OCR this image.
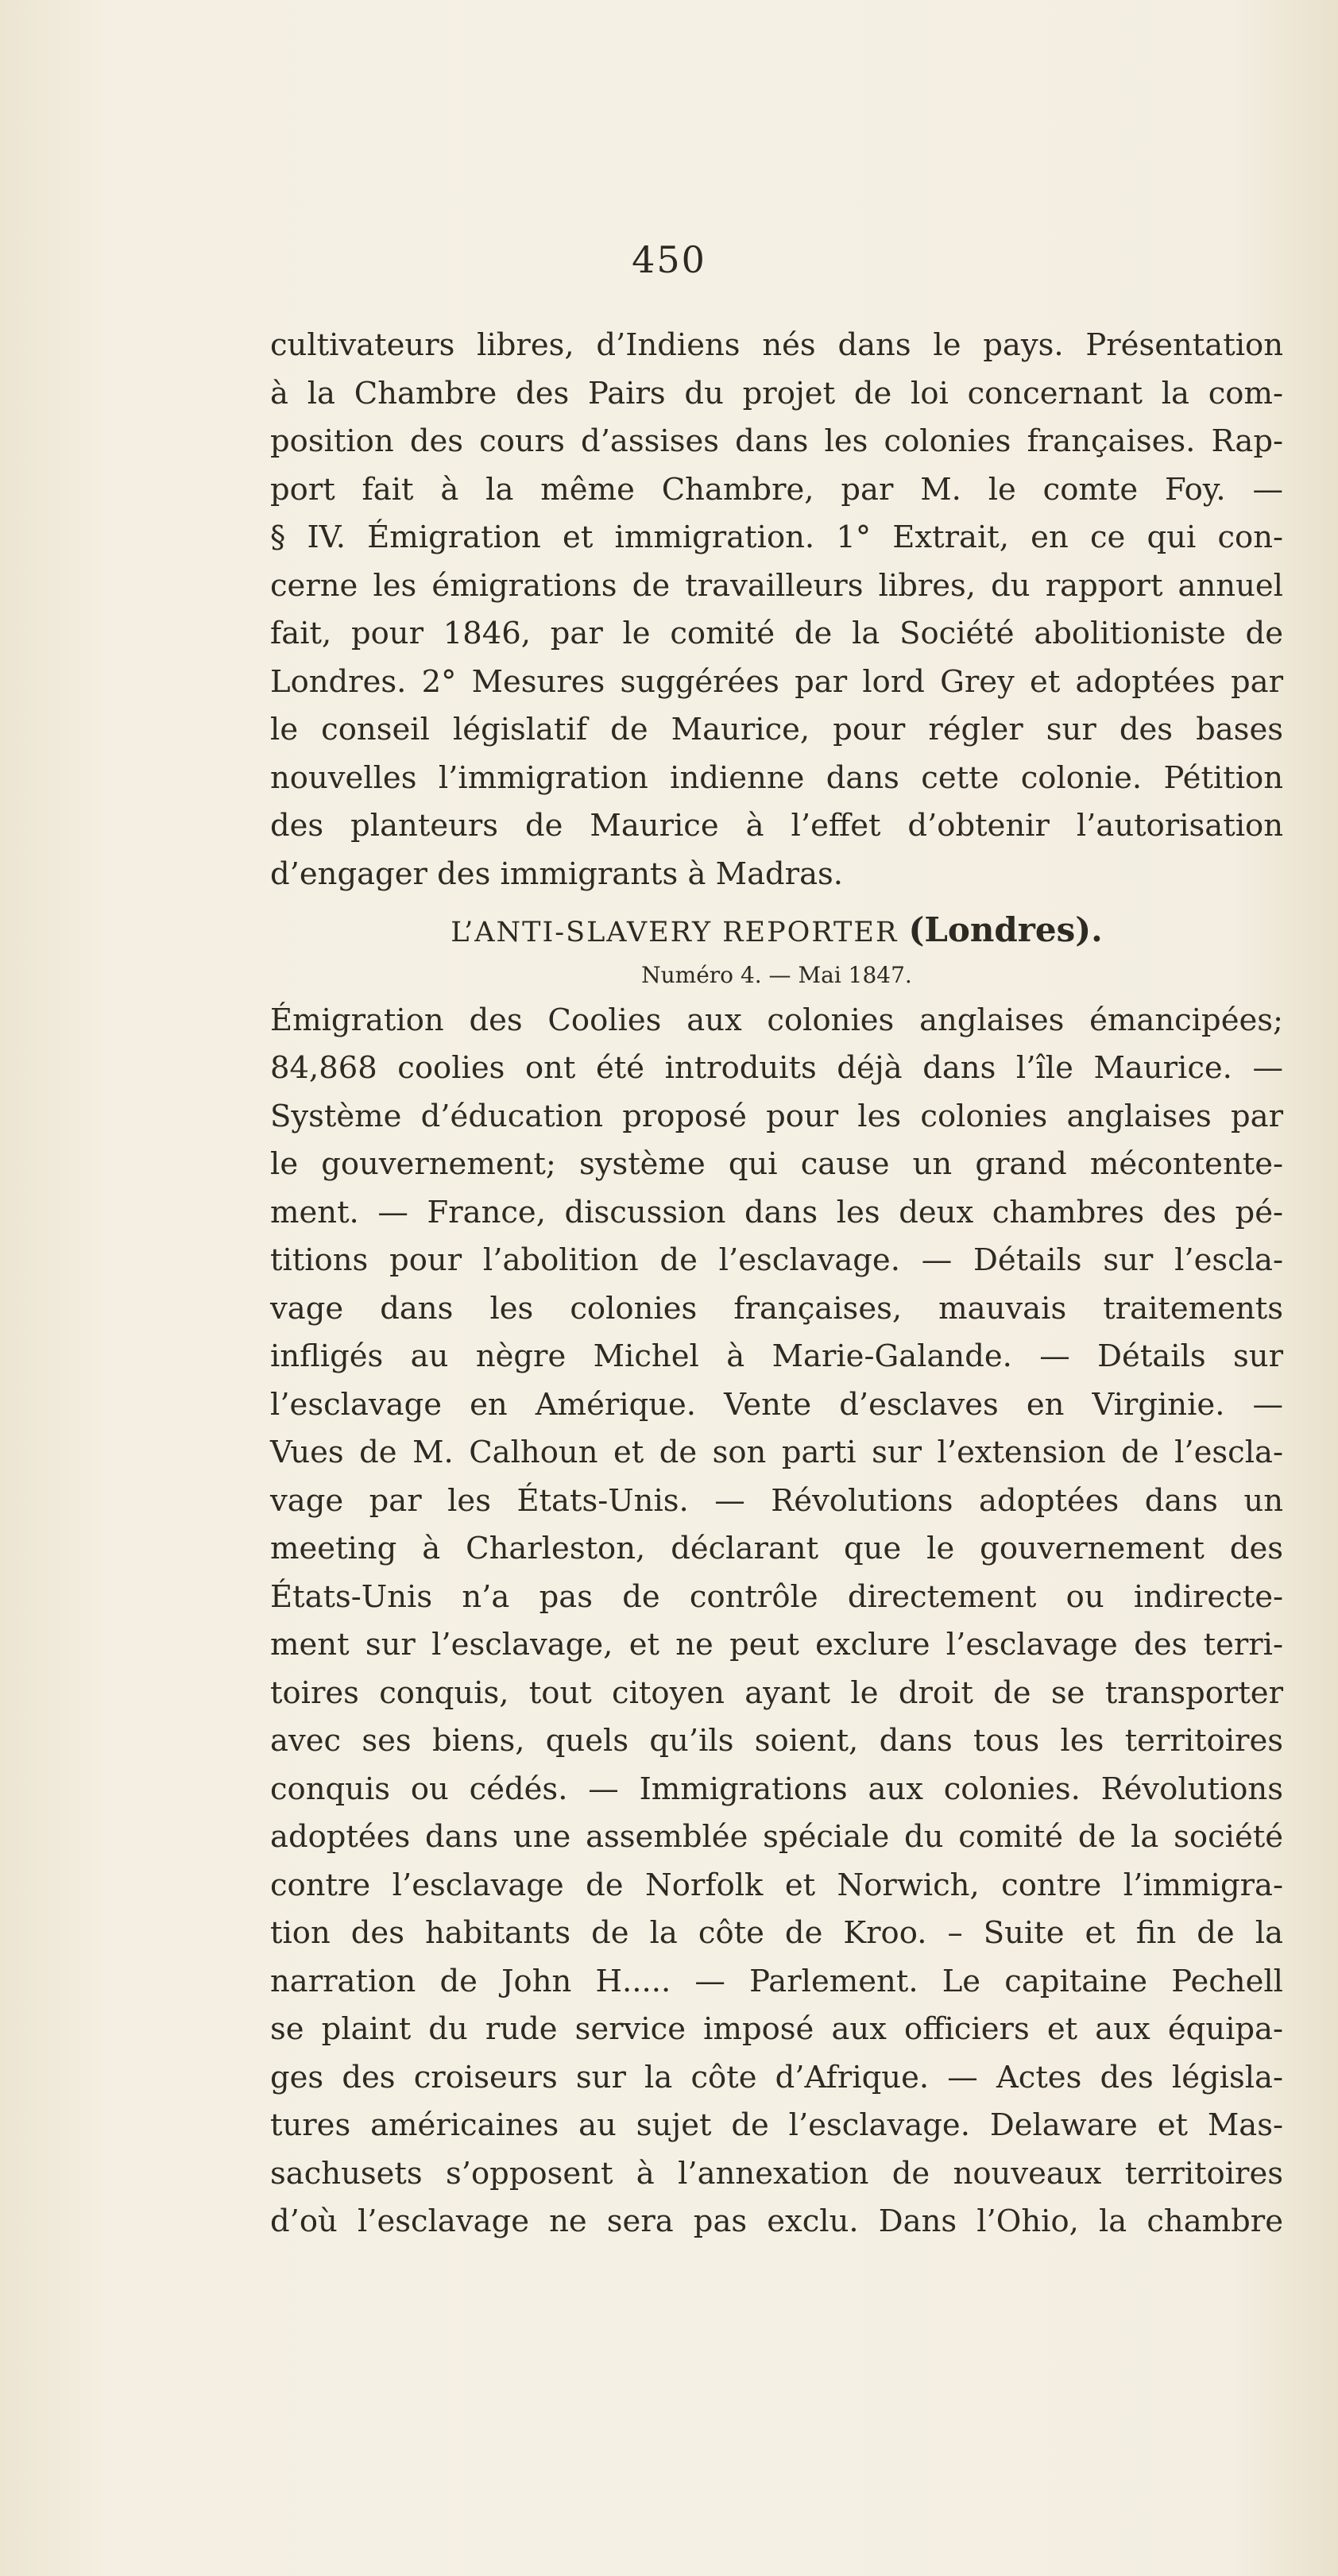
450
cultivateurs libres, d’Indiens nés dans le pays. Présentation
à la Chambre des Pairs du projet de loi concernant la com-
position des cours d’assises dans les colonies françaises. Rap-
port fait à la même Chambre, par M. le comte Foy. —
§ IV. Émigration et immigration. 1° Extrait, en ce qui con-
cerne les émigrations de travailleurs libres, du rapport annuel
fait, pour 1846, par le comité de la Société abolitioniste de
Londres. 2° Mesures suggérées par lord Grey et adoptées par
le conseil législatif de Maurice, pour régler sur des bases
nouvelles l’immigration indienne dans cette colonie. Pétition
des planteurs de Maurice à l’effet d’obtenir l’autorisation
d’engager des immigrants à Madras.
L’ANTI-SLAVERY REPORTER (Londres).
Numéro 4. — Mai 1847.
Émigration des Coolies aux colonies anglaises émancipées;
84,868 coolies ont été introduits déjà dans l’île Maurice. —
Système d’éducation proposé pour les colonies anglaises par
le gouvernement; système qui cause un grand mécontente-
ment. — France, discussion dans les deux chambres des pé-
titions pour l’abolition de l’esclavage. — Détails sur l’escla-
vage dans les colonies françaises, mauvais traitements
infligés au nègre Michel à Marie-Galande. — Détails sur
l’esclavage en Amérique. Vente d’esclaves en Virginie. —
Vues de M. Calhoun et de son parti sur l’extension de l’escla-
vage par les États-Unis. — Révolutions adoptées dans un
meeting à Charleston, déclarant que le gouvernement des
États-Unis n’a pas de contrôle directement ou indirecte-
ment sur l’esclavage, et ne peut exclure l’esclavage des terri-
toires conquis, tout citoyen ayant le droit de se transporter
avec ses biens, quels qu’ils soient, dans tous les territoires
conquis ou cédés. — Immigrations aux colonies. Révolutions
adoptées dans une assemblée spéciale du comité de la société
contre l’esclavage de Norfolk et Norwich, contre l’immigra-
tion des habitants de la côte de Kroo. – Suite et fin de la
narration de John H..... — Parlement. Le capitaine Pechell
se plaint du rude service imposé aux officiers et aux équipa-
ges des croiseurs sur la côte d’Afrique. — Actes des législa-
tures américaines au sujet de l’esclavage. Delaware et Mas-
sachusets s’opposent à l’annexation de nouveaux territoires
d’où l’esclavage ne sera pas exclu. Dans l’Ohio, la chambre
